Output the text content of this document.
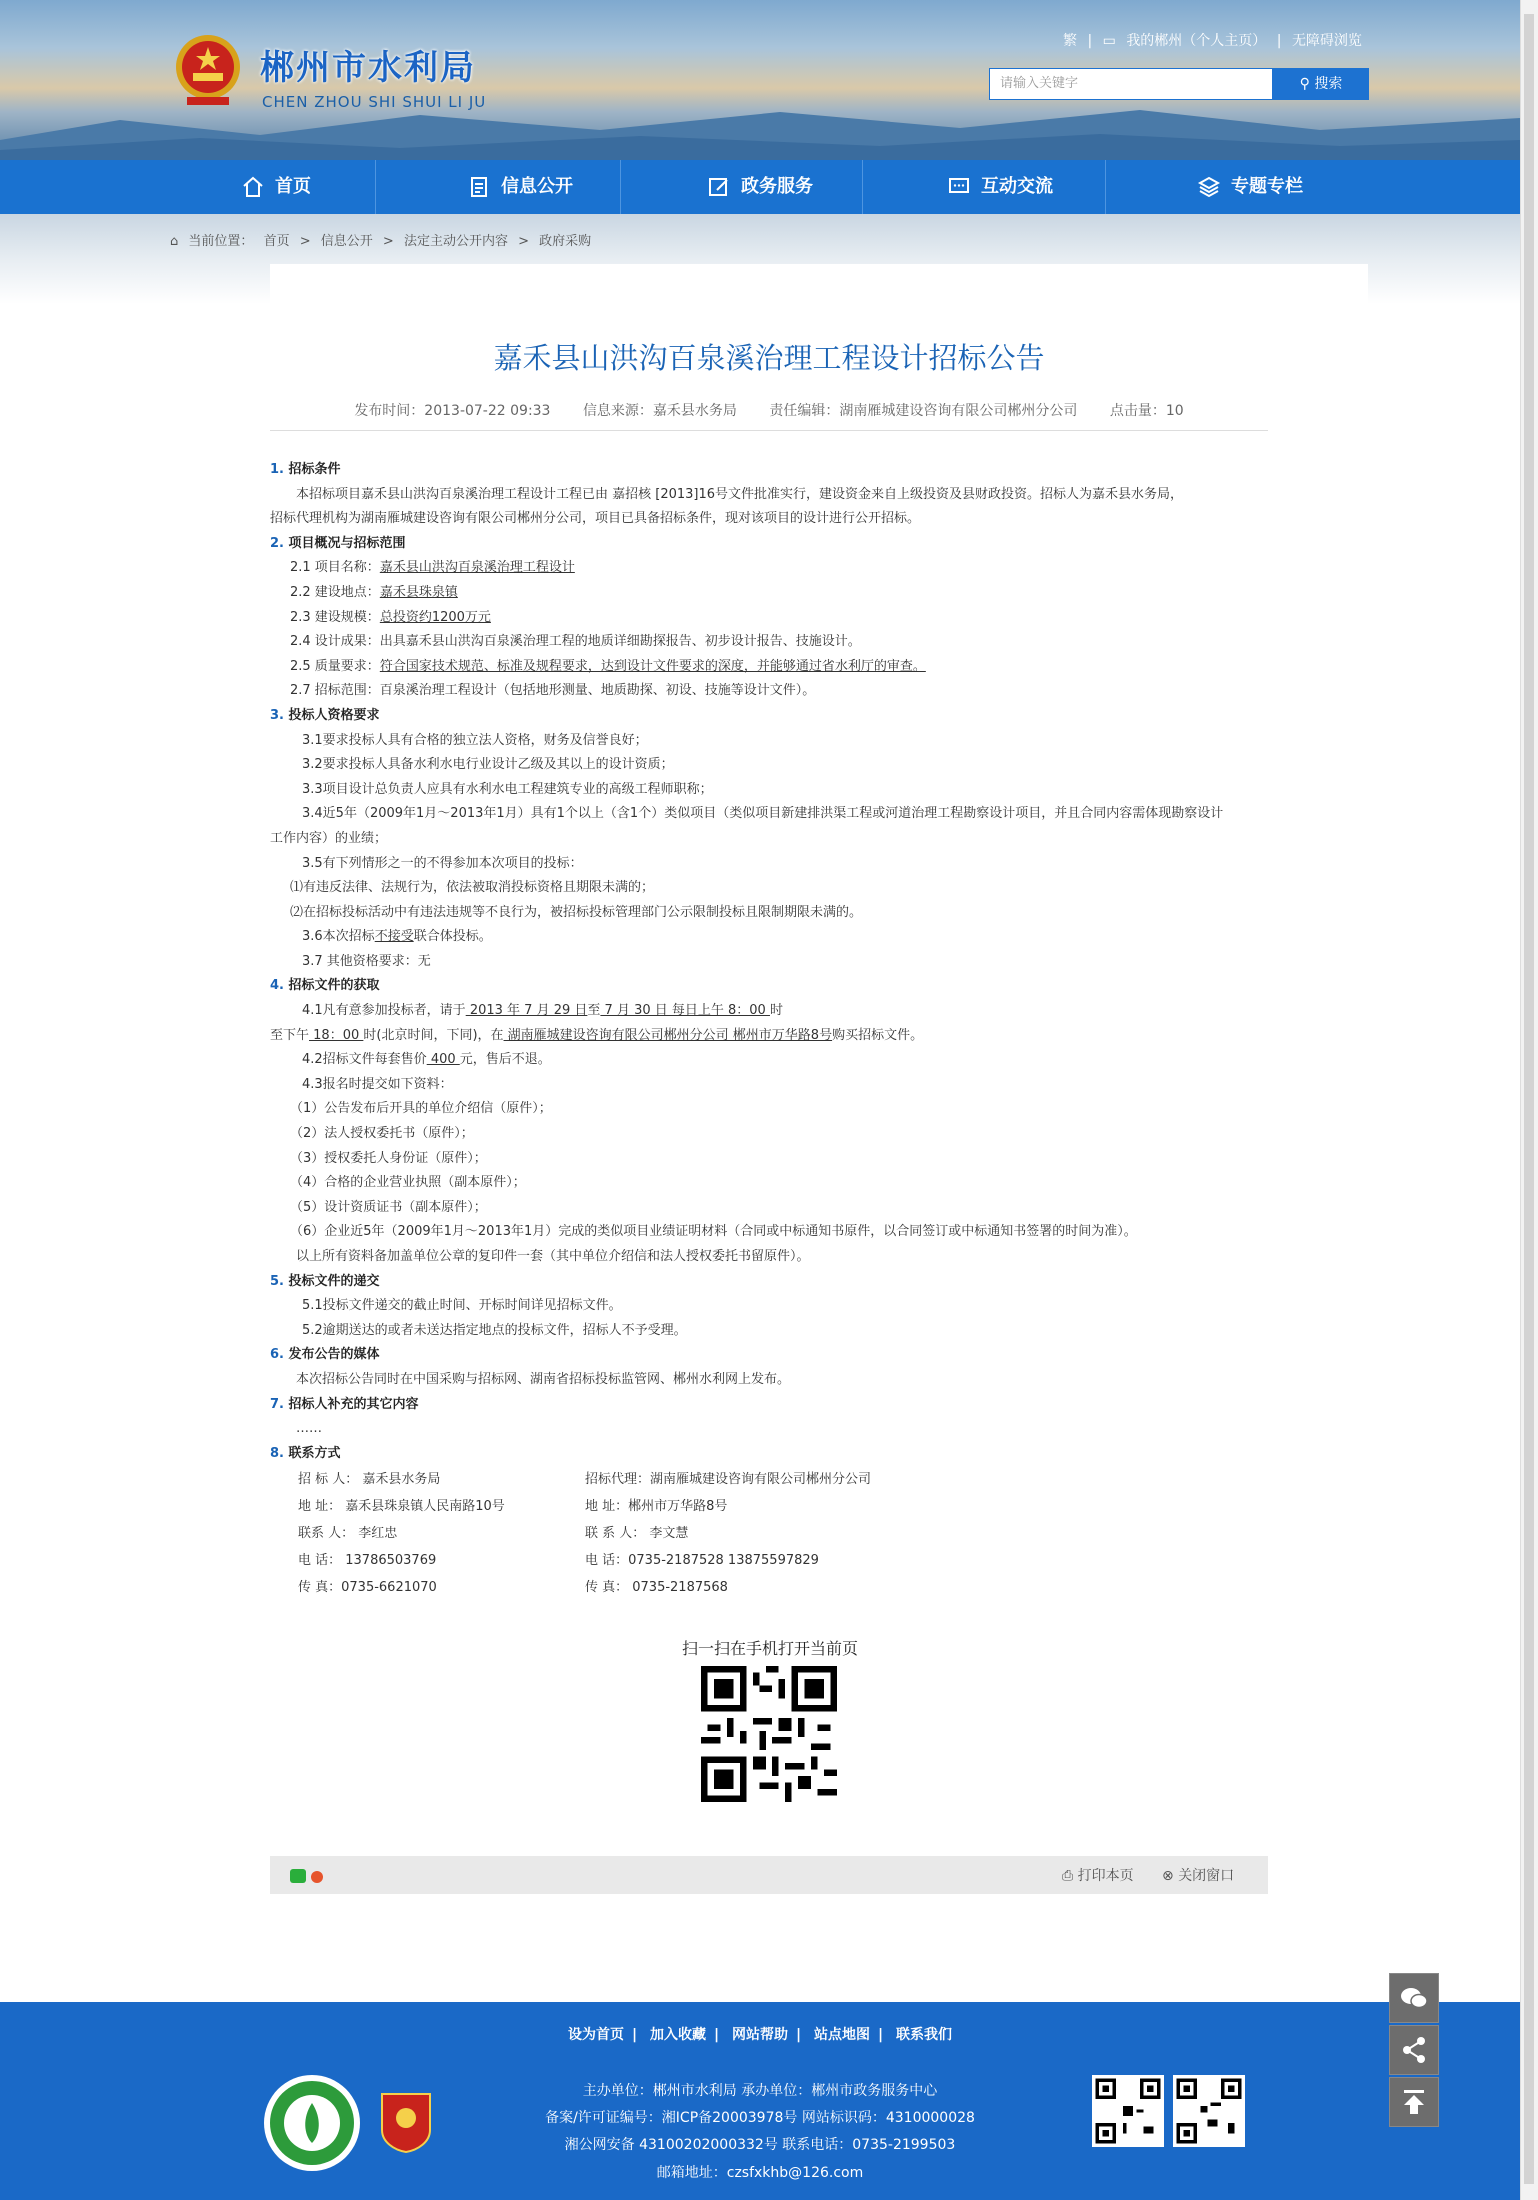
郴州市水利局
CHEN ZHOU SHI SHUI LI JU
繁 | ▭ 我的郴州（个人主页） | 无障碍浏览
请输入关键字	⚲ 搜索
首页	信息公开	政务服务	互动交流	专题专栏
⌂ 当前位置： 首页 > 信息公开 > 法定主动公开内容 > 政府采购
嘉禾县山洪沟百泉溪治理工程设计招标公告
发布时间：2013-07-22 09:33 信息来源：嘉禾县水务局 责任编辑：湖南雁城建设咨询有限公司郴州分公司 点击量：10
1. 招标条件
本招标项目嘉禾县山洪沟百泉溪治理工程设计工程已由 嘉招核 [2013]16号文件批准实行，建设资金来自上级投资及县财政投资。招标人为嘉禾县水务局，
招标代理机构为湖南雁城建设咨询有限公司郴州分公司，项目已具备招标条件，现对该项目的设计进行公开招标。
2. 项目概况与招标范围
2.1 项目名称：嘉禾县山洪沟百泉溪治理工程设计
2.2 建设地点：嘉禾县珠泉镇
2.3 建设规模：总投资约1200万元
2.4 设计成果：出具嘉禾县山洪沟百泉溪治理工程的地质详细勘探报告、初步设计报告、技施设计。
2.5 质量要求：符合国家技术规范、标准及规程要求，达到设计文件要求的深度，并能够通过省水利厅的审查。
2.7 招标范围：百泉溪治理工程设计（包括地形测量、地质勘探、初设、技施等设计文件）。
3. 投标人资格要求
3.1要求投标人具有合格的独立法人资格，财务及信誉良好；
3.2要求投标人具备水利水电行业设计乙级及其以上的设计资质；
3.3项目设计总负责人应具有水利水电工程建筑专业的高级工程师职称；
3.4近5年（2009年1月～2013年1月）具有1个以上（含1个）类似项目（类似项目新建排洪渠工程或河道治理工程勘察设计项目，并且合同内容需体现勘察设计
工作内容）的业绩；
3.5有下列情形之一的不得参加本次项目的投标：
⑴有违反法律、法规行为，依法被取消投标资格且期限未满的；
⑵在招标投标活动中有违法违规等不良行为，被招标投标管理部门公示限制投标且限制期限未满的。
3.6本次招标不接受联合体投标。
3.7 其他资格要求：无
4. 招标文件的获取
4.1凡有意参加投标者，请于 2013 年 7 月 29 日至 7 月 30 日 每日上午 8：00 时
至下午 18：00 时(北京时间，下同)，在 湖南雁城建设咨询有限公司郴州分公司 郴州市万华路8号购买招标文件。
4.2招标文件每套售价 400 元，售后不退。
4.3报名时提交如下资料：
（1）公告发布后开具的单位介绍信（原件）；
（2）法人授权委托书（原件）；
（3）授权委托人身份证（原件）；
（4）合格的企业营业执照（副本原件）；
（5）设计资质证书（副本原件）；
（6）企业近5年（2009年1月～2013年1月）完成的类似项目业绩证明材料（合同或中标通知书原件，以合同签订或中标通知书签署的时间为准）。
以上所有资料备加盖单位公章的复印件一套（其中单位介绍信和法人授权委托书留原件）。
5. 投标文件的递交
5.1投标文件递交的截止时间、开标时间详见招标文件。
5.2逾期送达的或者未送达指定地点的投标文件，招标人不予受理。
6. 发布公告的媒体
本次招标公告同时在中国采购与招标网、湖南省招标投标监管网、郴州水利网上发布。
7. 招标人补充的其它内容
……
8. 联系方式
招 标 人： 嘉禾县水务局	招标代理：湖南雁城建设咨询有限公司郴州分公司
地 址： 嘉禾县珠泉镇人民南路10号	地 址：郴州市万华路8号
联系 人： 李红忠	联 系 人： 李文慧
电 话： 13786503769	电 话：0735-2187528 13875597829
传 真：0735-6621070	传 真： 0735-2187568
扫一扫在手机打开当前页
⎙ 打印本页 ⊗ 关闭窗口
设为首页 | 加入收藏 | 网站帮助 | 站点地图 | 联系我们
主办单位：郴州市水利局 承办单位：郴州市政务服务中心
备案/许可证编号：湘ICP备20003978号 网站标识码：4310000028
湘公网安备 43100202000332号 联系电话：0735-2199503
邮箱地址：czsfxkhb@126.com
